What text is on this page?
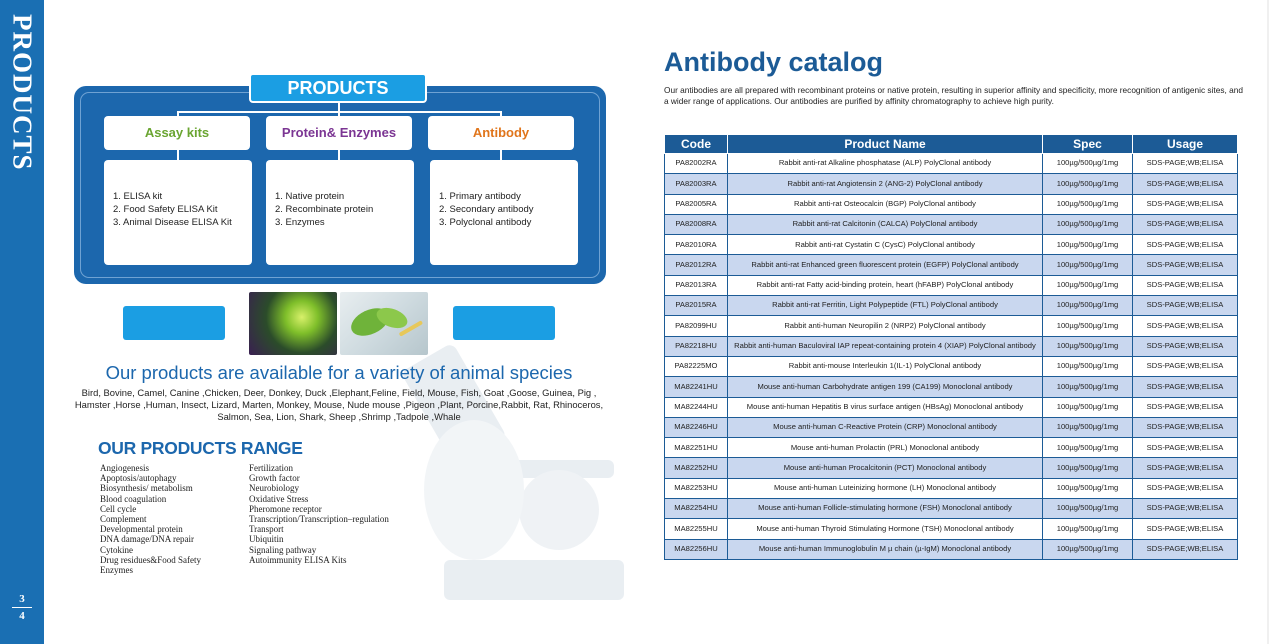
PRODUCTS
3
4
PRODUCTS
Assay kits	Protein& Enzymes	Antibody
1. ELISA kit
2. Food Safety ELISA Kit
3. Animal Disease ELISA Kit
1. Native protein
2. Recombinate protein
3. Enzymes
1. Primary antibody
2. Secondary antibody
3. Polyclonal antibody
Our products are available for a variety of animal species
Bird, Bovine, Camel, Canine ,Chicken, Deer, Donkey, Duck ,Elephant,Feline, Field, Mouse, Fish, Goat ,Goose, Guinea, Pig , Hamster ,Horse ,Human, Insect, Lizard, Marten, Monkey, Mouse, Nude mouse ,Pigeon ,Plant, Porcine,Rabbit, Rat, Rhinoceros, Salmon, Sea, Lion, Shark, Sheep ,Shrimp ,Tadpole ,Whale
OUR PRODUCTS RANGE
Angiogenesis
Apoptosis/autophagy
Biosynthesis/ metabolism
Blood coagulation
Cell cycle
Complement
Developmental protein
DNA damage/DNA repair
Cytokine
Drug residues&Food Safety
Enzymes
Fertilization
Growth factor
Neurobiology
Oxidative Stress
Pheromone receptor
Transcription/Transcription–regulation
Transport
Ubiquitin
Signaling pathway
Autoimmunity ELISA Kits
Antibody catalog
Our antibodies are all prepared with recombinant proteins or native protein, resulting in superior affinity and specificity, more recognition of antigenic sites, and a wider range of applications. Our antibodies are purified by affinity chromatography to achieve high purity.
Code	Product Name	Spec	Usage
PA82002RA	Rabbit anti-rat Alkaline phosphatase (ALP) PolyClonal antibody	100µg/500µg/1mg	SDS-PAGE;WB;ELISA
PA82003RA	Rabbit anti-rat Angiotensin 2 (ANG-2) PolyClonal antibody	100µg/500µg/1mg	SDS-PAGE;WB;ELISA
PA82005RA	Rabbit anti-rat Osteocalcin (BGP) PolyClonal antibody	100µg/500µg/1mg	SDS-PAGE;WB;ELISA
PA82008RA	Rabbit anti-rat Calcitonin (CALCA) PolyClonal antibody	100µg/500µg/1mg	SDS-PAGE;WB;ELISA
PA82010RA	Rabbit anti-rat Cystatin C (CysC) PolyClonal antibody	100µg/500µg/1mg	SDS-PAGE;WB;ELISA
PA82012RA	Rabbit anti-rat Enhanced green fluorescent protein (EGFP) PolyClonal antibody	100µg/500µg/1mg	SDS-PAGE;WB;ELISA
PA82013RA	Rabbit anti-rat Fatty acid-binding protein, heart (hFABP) PolyClonal antibody	100µg/500µg/1mg	SDS-PAGE;WB;ELISA
PA82015RA	Rabbit anti-rat Ferritin, Light Polypeptide (FTL) PolyClonal antibody	100µg/500µg/1mg	SDS-PAGE;WB;ELISA
PA82099HU	Rabbit anti-human Neuropilin 2 (NRP2) PolyClonal antibody	100µg/500µg/1mg	SDS-PAGE;WB;ELISA
PA82218HU	Rabbit anti-human Baculoviral IAP repeat-containing protein 4 (XIAP) PolyClonal antibody	100µg/500µg/1mg	SDS-PAGE;WB;ELISA
PA82225MO	Rabbit anti-mouse Interleukin 1(IL-1) PolyClonal antibody	100µg/500µg/1mg	SDS-PAGE;WB;ELISA
MA82241HU	Mouse anti-human Carbohydrate antigen 199 (CA199) Monoclonal antibody	100µg/500µg/1mg	SDS-PAGE;WB;ELISA
MA82244HU	Mouse anti-human Hepatitis B virus surface antigen (HBsAg) Monoclonal antibody	100µg/500µg/1mg	SDS-PAGE;WB;ELISA
MA82246HU	Mouse anti-human C-Reactive Protein (CRP) Monoclonal antibody	100µg/500µg/1mg	SDS-PAGE;WB;ELISA
MA82251HU	Mouse anti-human Prolactin (PRL) Monoclonal antibody	100µg/500µg/1mg	SDS-PAGE;WB;ELISA
MA82252HU	Mouse anti-human Procalcitonin (PCT) Monoclonal antibody	100µg/500µg/1mg	SDS-PAGE;WB;ELISA
MA82253HU	Mouse anti-human Luteinizing hormone (LH) Monoclonal antibody	100µg/500µg/1mg	SDS-PAGE;WB;ELISA
MA82254HU	Mouse anti-human Follicle-stimulating hormone (FSH) Monoclonal antibody	100µg/500µg/1mg	SDS-PAGE;WB;ELISA
MA82255HU	Mouse anti-human Thyroid Stimulating Hormone (TSH) Monoclonal antibody	100µg/500µg/1mg	SDS-PAGE;WB;ELISA
MA82256HU	Mouse anti-human Immunoglobulin M µ chain (µ-IgM) Monoclonal antibody	100µg/500µg/1mg	SDS-PAGE;WB;ELISA
